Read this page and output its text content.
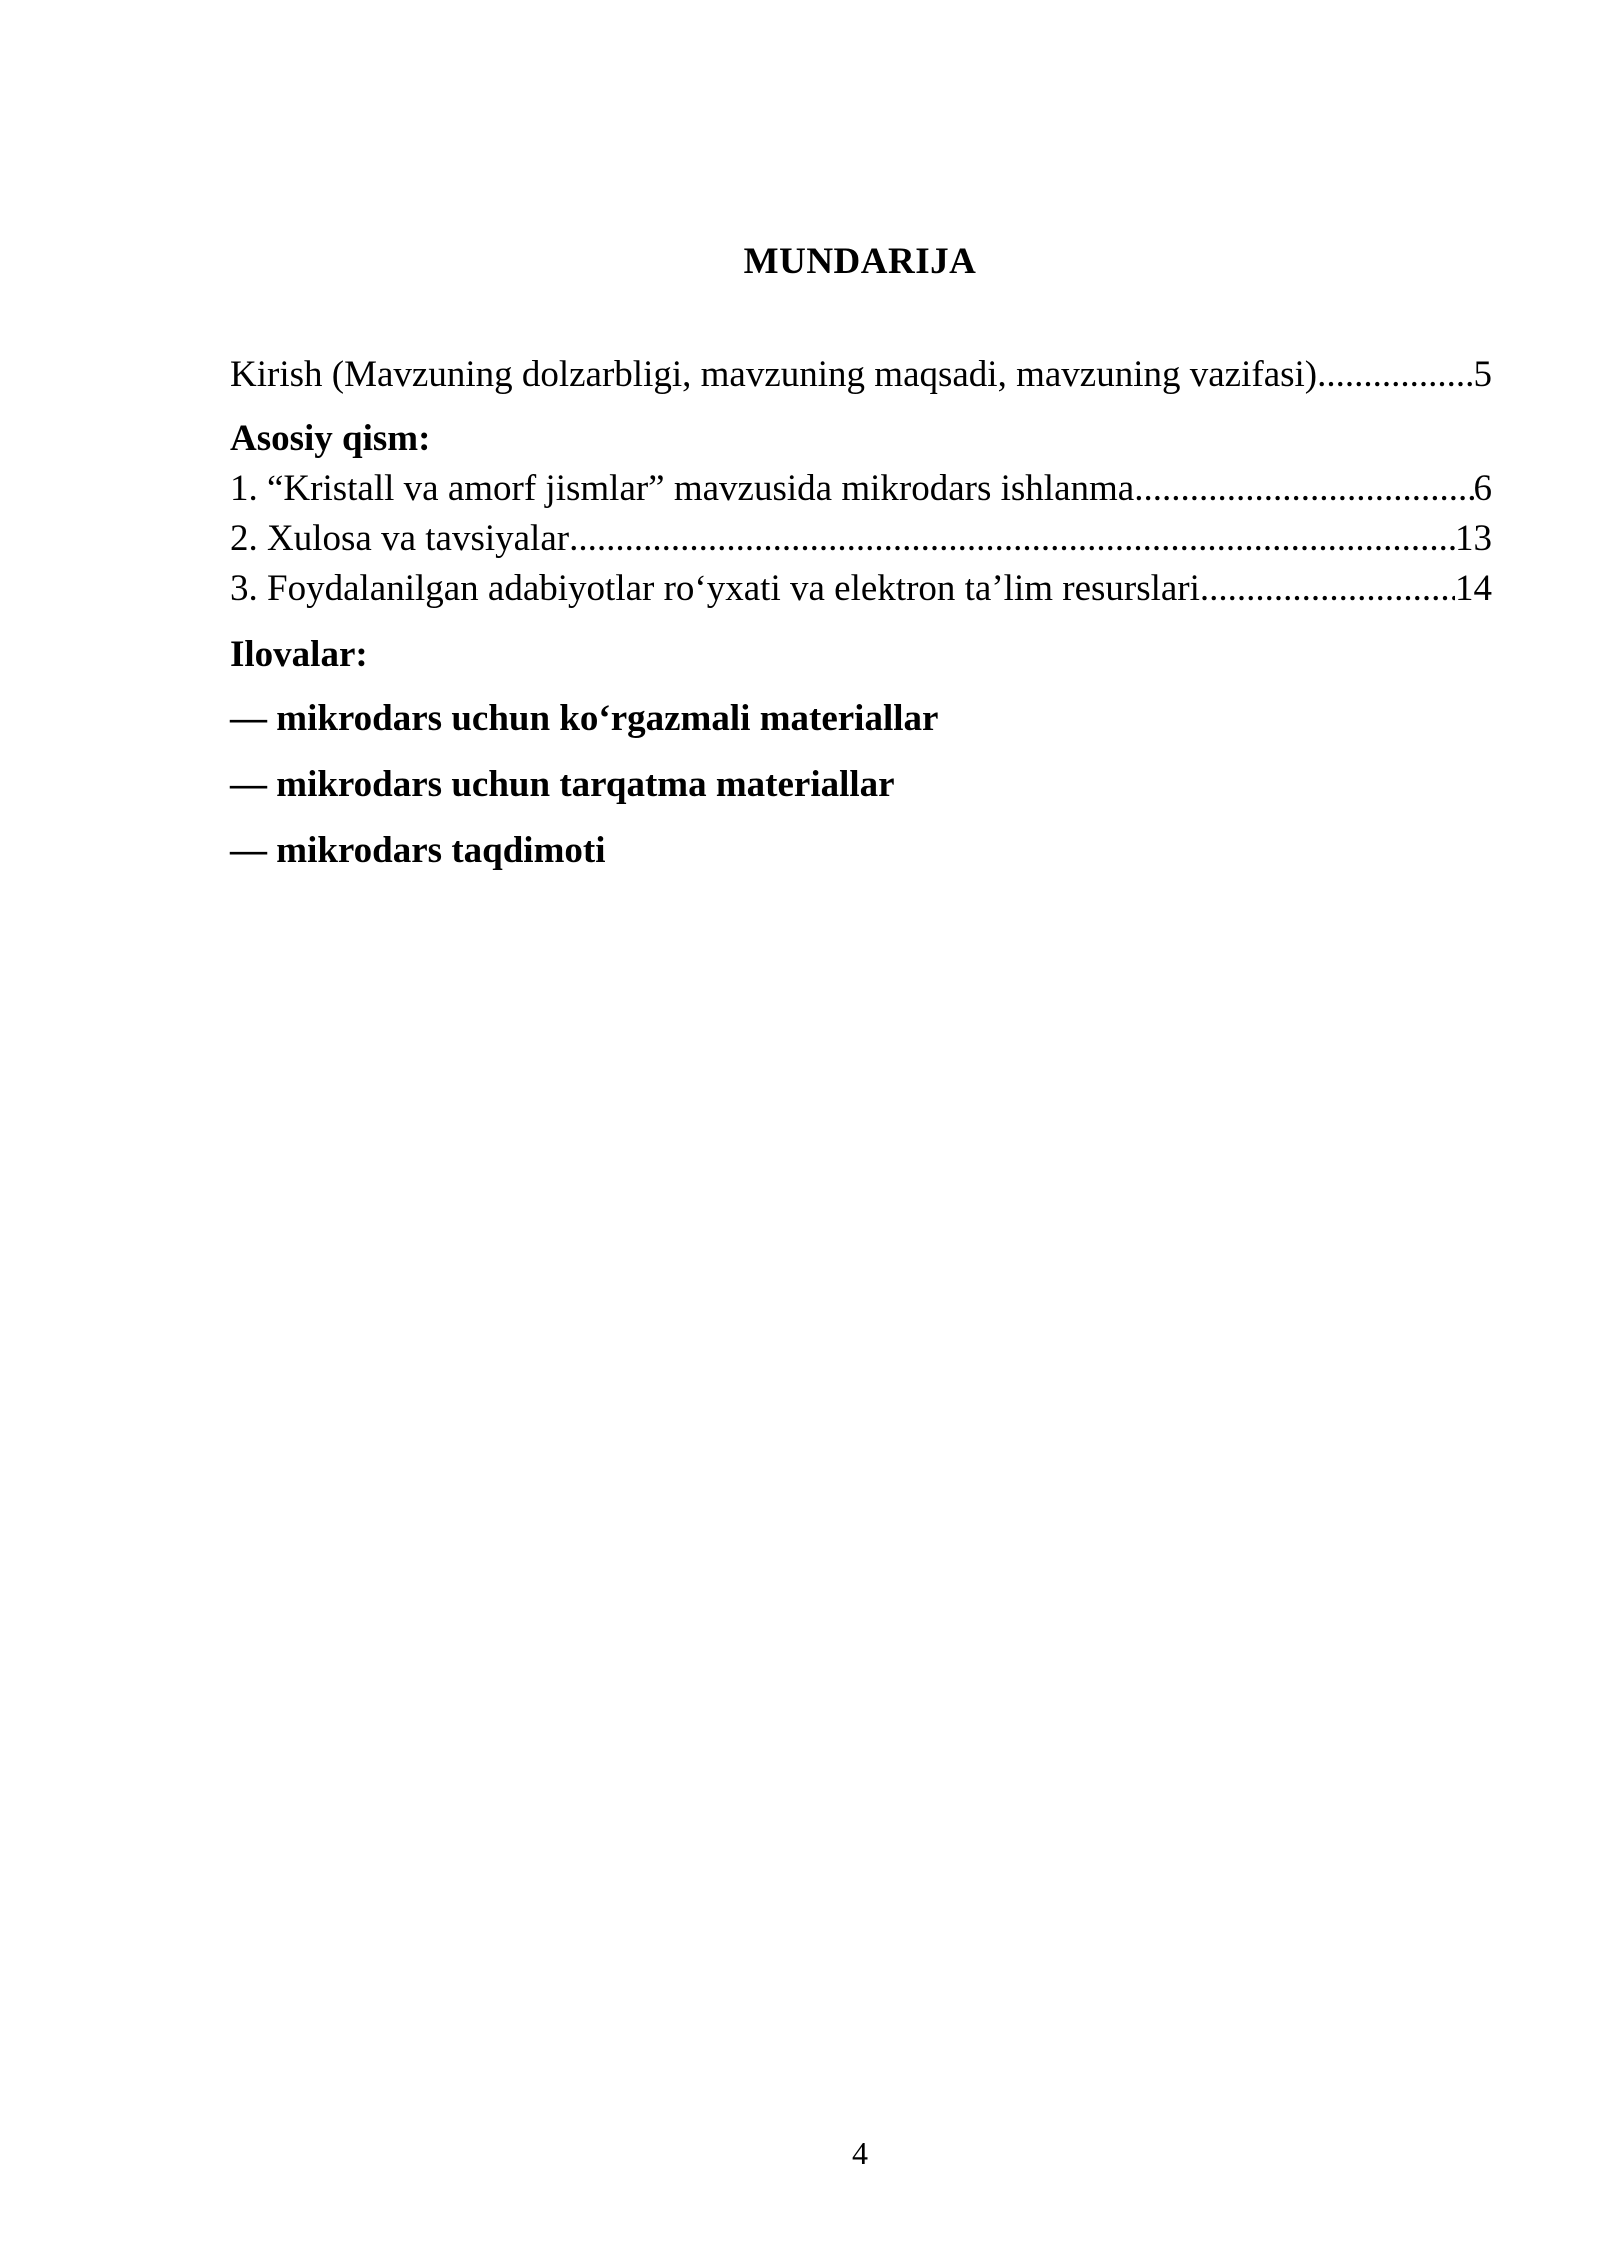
MUNDARIJA
Kirish (Mavzuning dolzarbligi, mavzuning maqsadi, mavzuning vazifasi) .....	5
Asosiy qism:
1. “Kristall va amorf jismlar” mavzusida mikrodars ishlanma .....	6
2. Xulosa va tavsiyalar .....	13
3. Foydalanilgan adabiyotlar ro‘yxati va elektron ta’lim resurslari .....	14
Ilovalar:
— mikrodars uchun ko‘rgazmali materiallar
— mikrodars uchun tarqatma materiallar
— mikrodars taqdimoti
4
